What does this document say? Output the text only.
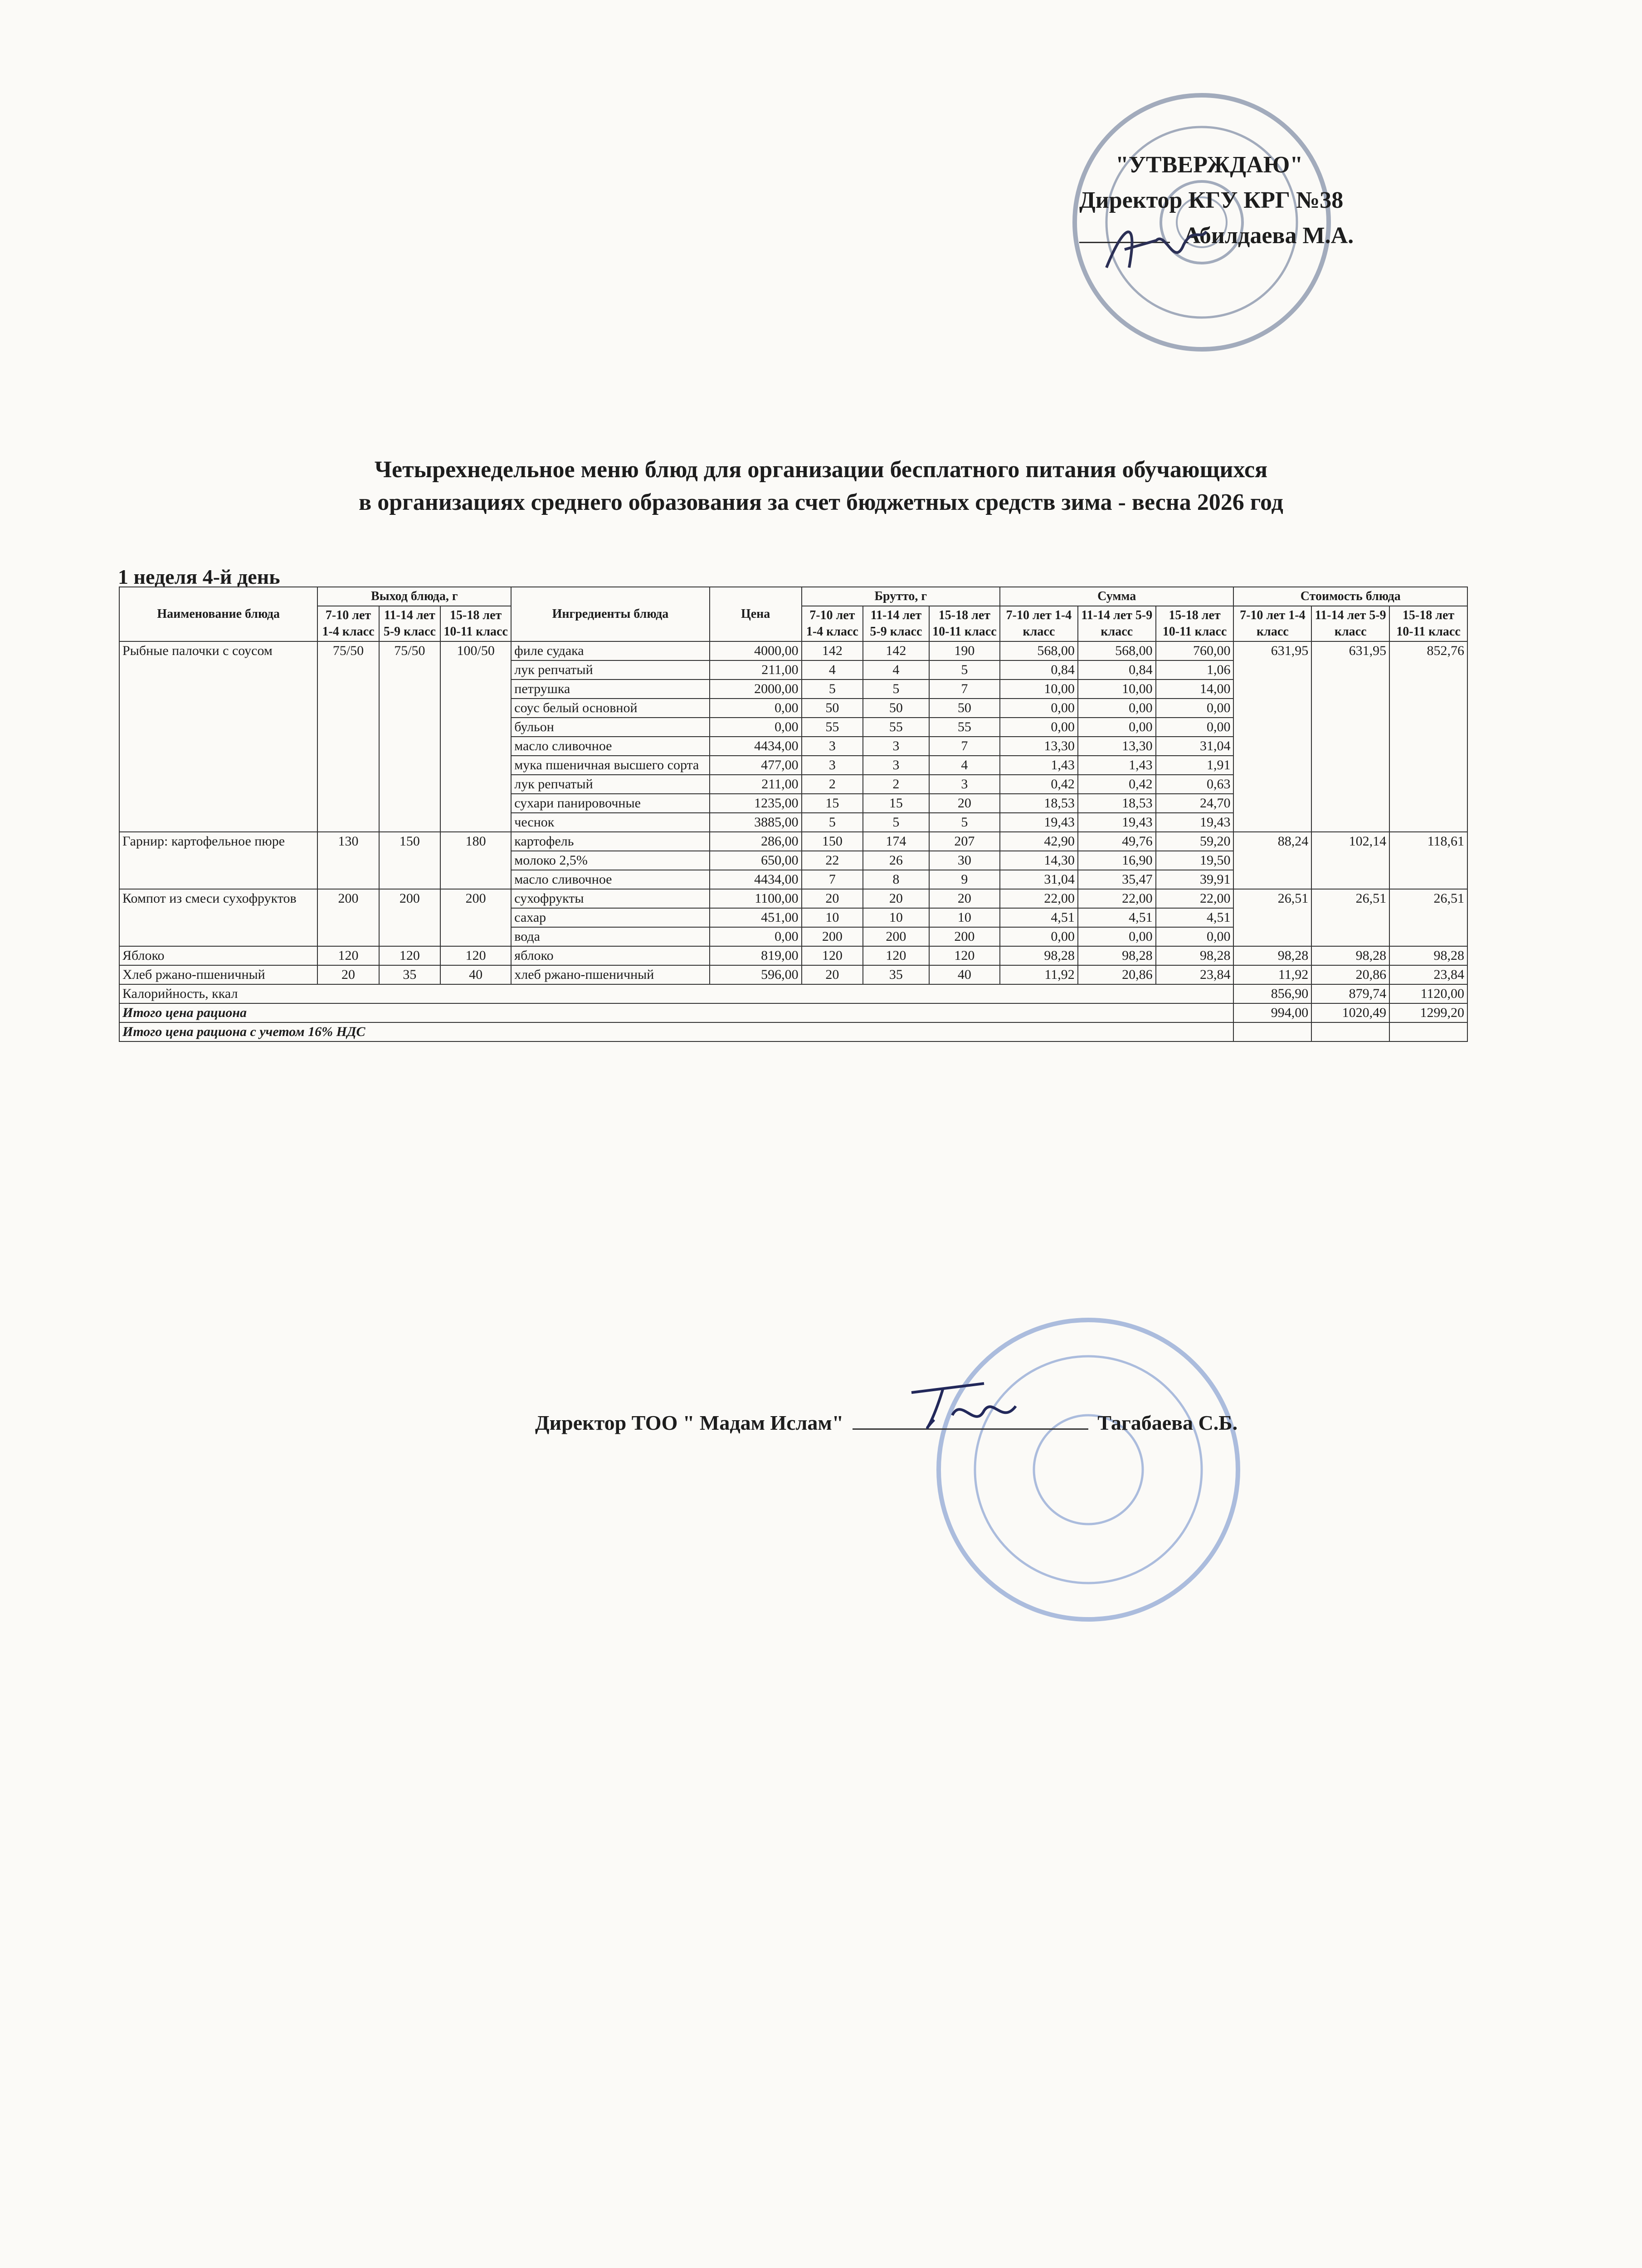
"УТВЕРЖДАЮ"
Директор КГУ КРГ №38
Абилдаева М.А.
Четырехнедельное меню блюд для организации бесплатного питания обучающихся
в организациях среднего образования за счет бюджетных средств зима - весна 2026 год
1 неделя 4-й день
Наименование блюда	Выход блюда, г			Ингредиенты блюда	Цена	Брутто, г			Сумма			Стоимость блюда		
	7-10 лет 1-4 класс	11-14 лет 5-9 класс	15-18 лет 10-11 класс			7-10 лет 1-4 класс	11-14 лет 5-9 класс	15-18 лет 10-11 класс	7-10 лет 1-4 класс	11-14 лет 5-9 класс	15-18 лет 10-11 класс	7-10 лет 1-4 класс	11-14 лет 5-9 класс	15-18 лет 10-11 класс
Рыбные палочки с соусом	75/50	75/50	100/50	филе судака	4000,00	142	142	190	568,00	568,00	760,00	631,95	631,95	852,76
				лук репчатый	211,00	4	4	5	0,84	0,84	1,06			
				петрушка	2000,00	5	5	7	10,00	10,00	14,00			
				соус белый основной	0,00	50	50	50	0,00	0,00	0,00			
				бульон	0,00	55	55	55	0,00	0,00	0,00			
				масло сливочное	4434,00	3	3	7	13,30	13,30	31,04			
				мука пшеничная высшего сорта	477,00	3	3	4	1,43	1,43	1,91			
				лук репчатый	211,00	2	2	3	0,42	0,42	0,63			
				сухари панировочные	1235,00	15	15	20	18,53	18,53	24,70			
				чеснок	3885,00	5	5	5	19,43	19,43	19,43			
Гарнир: картофельное пюре	130	150	180	картофель	286,00	150	174	207	42,90	49,76	59,20	88,24	102,14	118,61
				молоко 2,5%	650,00	22	26	30	14,30	16,90	19,50			
				масло сливочное	4434,00	7	8	9	31,04	35,47	39,91			
Компот из смеси сухофруктов	200	200	200	сухофрукты	1100,00	20	20	20	22,00	22,00	22,00	26,51	26,51	26,51
				сахар	451,00	10	10	10	4,51	4,51	4,51			
				вода	0,00	200	200	200	0,00	0,00	0,00			
Яблоко	120	120	120	яблоко	819,00	120	120	120	98,28	98,28	98,28	98,28	98,28	98,28
Хлеб ржано-пшеничный	20	35	40	хлеб ржано-пшеничный	596,00	20	35	40	11,92	20,86	23,84	11,92	20,86	23,84
Калорийность, ккал												856,90	879,74	1120,00
Итого цена рациона												994,00	1020,49	1299,20
Итого цена рациона с учетом 16% НДС														
Директор ТОО " Мадам Ислам"	Тагабаева С.Б.
